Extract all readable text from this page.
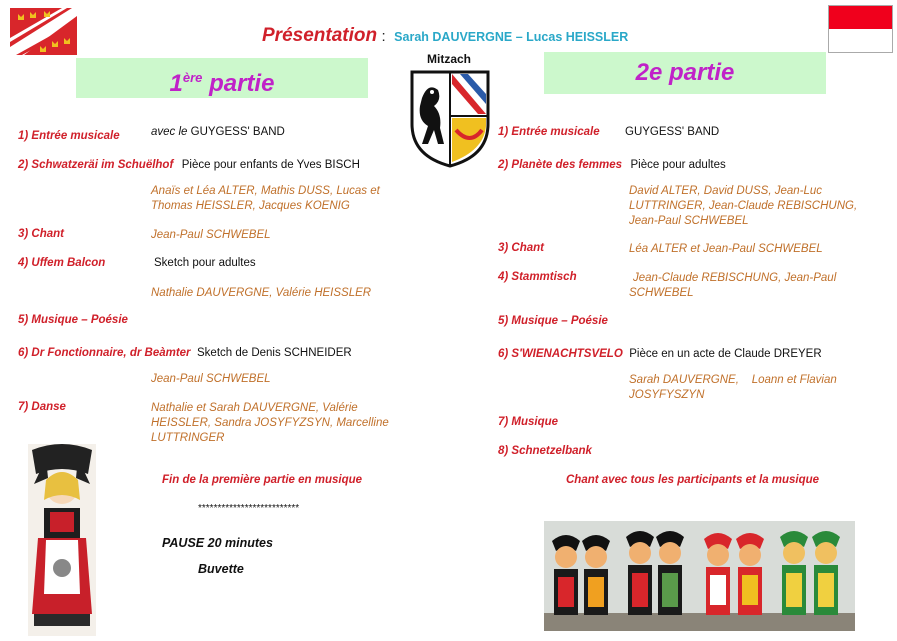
Présentation : Sarah DAUVERGNE – Lucas HEISSLER
Mitzach
1ère partie	2e partie
1) Entrée musicale	avec le GUYGESS' BAND
2) Schwatzeräi im Schuëlhof Pièce pour enfants de Yves BISCH
Anaïs et Léa ALTER, Mathis DUSS, Lucas et Thomas HEISSLER, Jacques KOENIG
3) Chant	Jean-Paul SCHWEBEL
4) Uffem Balcon	Sketch pour adultes
Nathalie DAUVERGNE, Valérie HEISSLER
5) Musique – Poésie
6) Dr Fonctionnaire, dr Beàmter Sketch de Denis SCHNEIDER
Jean-Paul SCHWEBEL
7) Danse	Nathalie et Sarah DAUVERGNE, Valérie HEISSLER, Sandra JOSYFYZSYN, Marcelline LUTTRINGER
Fin de la première partie en musique
**************************
PAUSE 20 minutes
Buvette
1) Entrée musicale GUYGESS' BAND
2) Planète des femmes Pièce pour adultes
David ALTER, David DUSS, Jean-Luc LUTTRINGER, Jean-Claude REBISCHUNG, Jean-Paul SCHWEBEL
3) Chant	Léa ALTER et Jean-Paul SCHWEBEL
4) Stammtisch	Jean-Claude REBISCHUNG, Jean-Paul SCHWEBEL
5) Musique – Poésie
6) S'WIENACHTSVELO Pièce en un acte de Claude DREYER
Sarah DAUVERGNE,    Loann et Flavian JOSYFYSZYN
7) Musique
8) Schnetzelbank
Chant avec tous les participants et la musique
